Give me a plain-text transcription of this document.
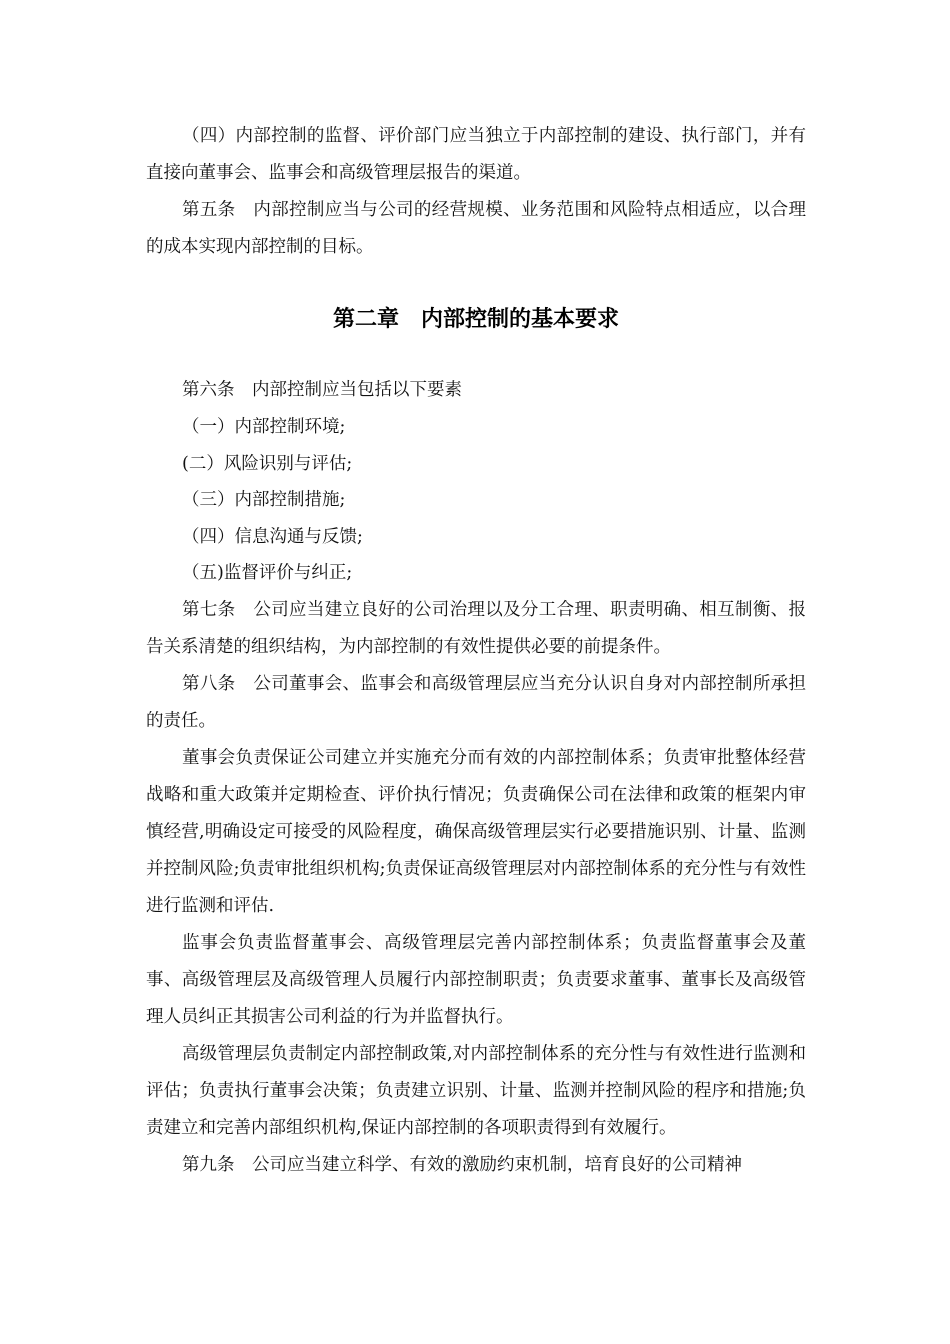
（四）内部控制的监督、评价部门应当独立于内部控制的建设、执行部门，并有直接向董事会、监事会和高级管理层报告的渠道。

第五条　内部控制应当与公司的经营规模、业务范围和风险特点相适应，以合理的成本实现内部控制的目标。

第二章　内部控制的基本要求

第六条　内部控制应当包括以下要素

（一）内部控制环境;

(二）风险识别与评估;

（三）内部控制措施;

（四）信息沟通与反馈;

（五)监督评价与纠正;

第七条　公司应当建立良好的公司治理以及分工合理、职责明确、相互制衡、报告关系清楚的组织结构，为内部控制的有效性提供必要的前提条件。

第八条　公司董事会、监事会和高级管理层应当充分认识自身对内部控制所承担的责任。

董事会负责保证公司建立并实施充分而有效的内部控制体系；负责审批整体经营战略和重大政策并定期检查、评价执行情况；负责确保公司在法律和政策的框架内审慎经营,明确设定可接受的风险程度，确保高级管理层实行必要措施识别、计量、监测并控制风险;负责审批组织机构;负责保证高级管理层对内部控制体系的充分性与有效性进行监测和评估.

监事会负责监督董事会、高级管理层完善内部控制体系；负责监督董事会及董事、高级管理层及高级管理人员履行内部控制职责；负责要求董事、董事长及高级管理人员纠正其损害公司利益的行为并监督执行。

高级管理层负责制定内部控制政策,对内部控制体系的充分性与有效性进行监测和评估；负责执行董事会决策；负责建立识别、计量、监测并控制风险的程序和措施;负责建立和完善内部组织机构,保证内部控制的各项职责得到有效履行。

第九条　公司应当建立科学、有效的激励约束机制，培育良好的公司精神
